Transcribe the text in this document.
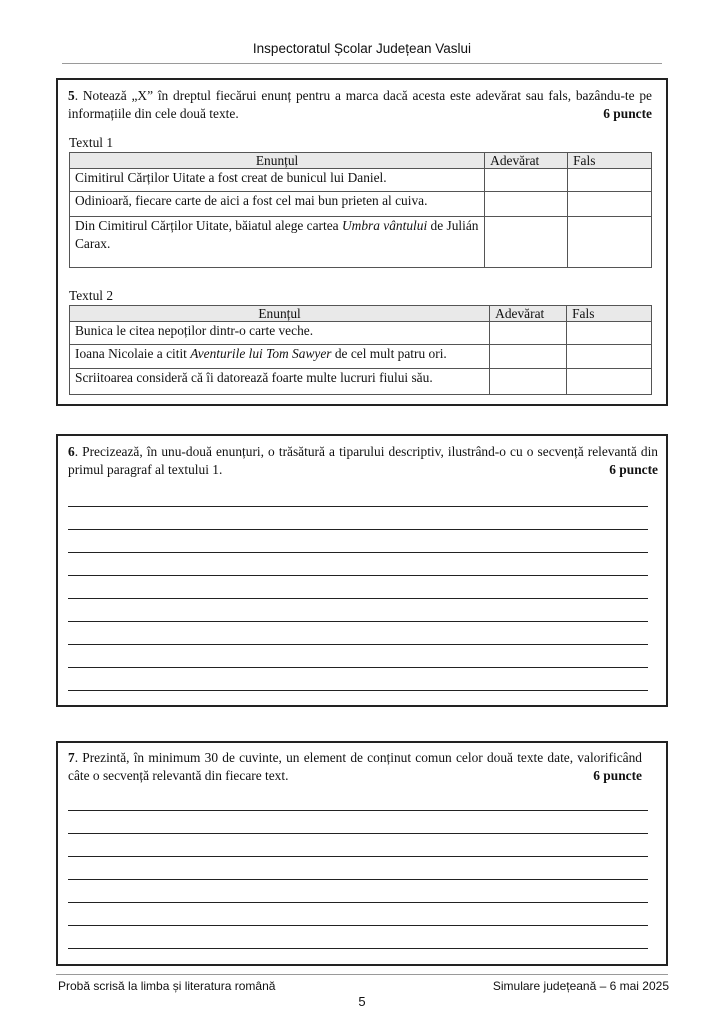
Inspectoratul Școlar Județean Vaslui
5. Notează „X” în dreptul fiecărui enunț pentru a marca dacă acesta este adevărat sau fals, bazându-te pe informațiile din cele două texte.	6 puncte
Textul 1
Enunțul	Adevărat	Fals
Cimitirul Cărților Uitate a fost creat de bunicul lui Daniel.		
Odinioară, fiecare carte de aici a fost cel mai bun prieten al cuiva.		
Din Cimitirul Cărților Uitate, băiatul alege cartea Umbra vântului de Julián Carax.		
Textul 2
Enunțul	Adevărat	Fals
Bunica le citea nepoților dintr-o carte veche.		
Ioana Nicolaie a citit Aventurile lui Tom Sawyer de cel mult patru ori.		
Scriitoarea consideră că îi datorează foarte multe lucruri fiului său.		
6. Precizează, în unu-două enunțuri, o trăsătură a tiparului descriptiv, ilustrând-o cu o secvență relevantă din primul paragraf al textului 1.	6 puncte
7. Prezintă, în minimum 30 de cuvinte, un element de conținut comun celor două texte date, valorificând câte o secvență relevantă din fiecare text.	6 puncte
Probă scrisă la limba și literatura română	Simulare județeană – 6 mai 2025
5
